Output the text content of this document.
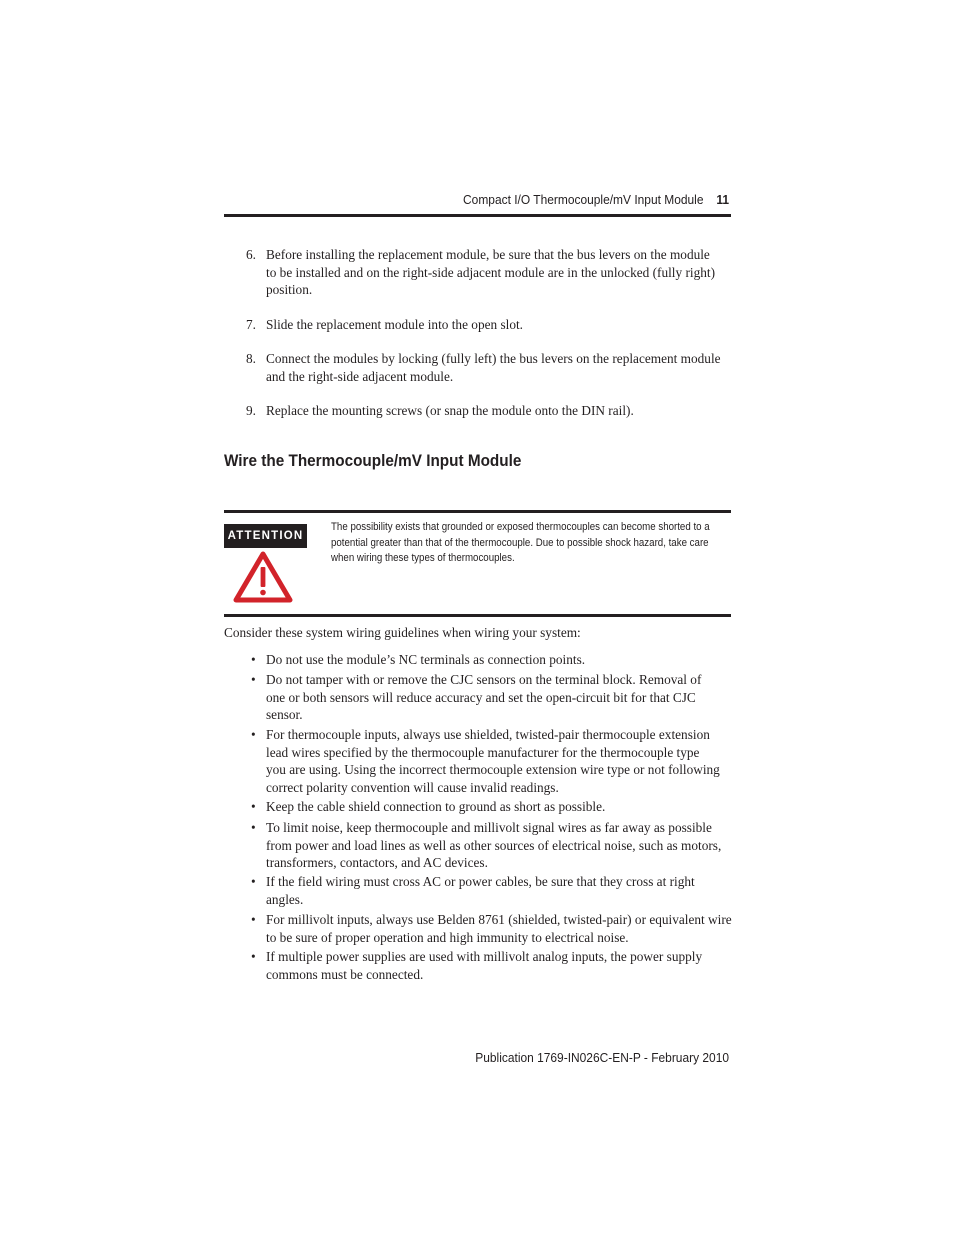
Compact I/O Thermocouple/mV Input Module 11
6. Before installing the replacement module, be sure that the bus levers on the module
to be installed and on the right-side adjacent module are in the unlocked (fully right)
position.
7. Slide the replacement module into the open slot.
8. Connect the modules by locking (fully left) the bus levers on the replacement module
and the right-side adjacent module.
9. Replace the mounting screws (or snap the module onto the DIN rail).
Wire the Thermocouple/mV Input Module
ATTENTION
The possibility exists that grounded or exposed thermocouples can become shorted to a
potential greater than that of the thermocouple. Due to possible shock hazard, take care
when wiring these types of thermocouples.

Consider these system wiring guidelines when wiring your system:

• Do not use the module’s NC terminals as connection points.
• Do not tamper with or remove the CJC sensors on the terminal block. Removal of
one or both sensors will reduce accuracy and set the open-circuit bit for that CJC
sensor.
• For thermocouple inputs, always use shielded, twisted-pair thermocouple extension
lead wires specified by the thermocouple manufacturer for the thermocouple type
you are using. Using the incorrect thermocouple extension wire type or not following
correct polarity convention will cause invalid readings.
• Keep the cable shield connection to ground as short as possible.
• To limit noise, keep thermocouple and millivolt signal wires as far away as possible
from power and load lines as well as other sources of electrical noise, such as motors,
transformers, contactors, and AC devices.
• If the field wiring must cross AC or power cables, be sure that they cross at right
angles.
• For millivolt inputs, always use Belden 8761 (shielded, twisted-pair) or equivalent wire
to be sure of proper operation and high immunity to electrical noise.
• If multiple power supplies are used with millivolt analog inputs, the power supply
commons must be connected.
Publication 1769-IN026C-EN-P - February 2010
